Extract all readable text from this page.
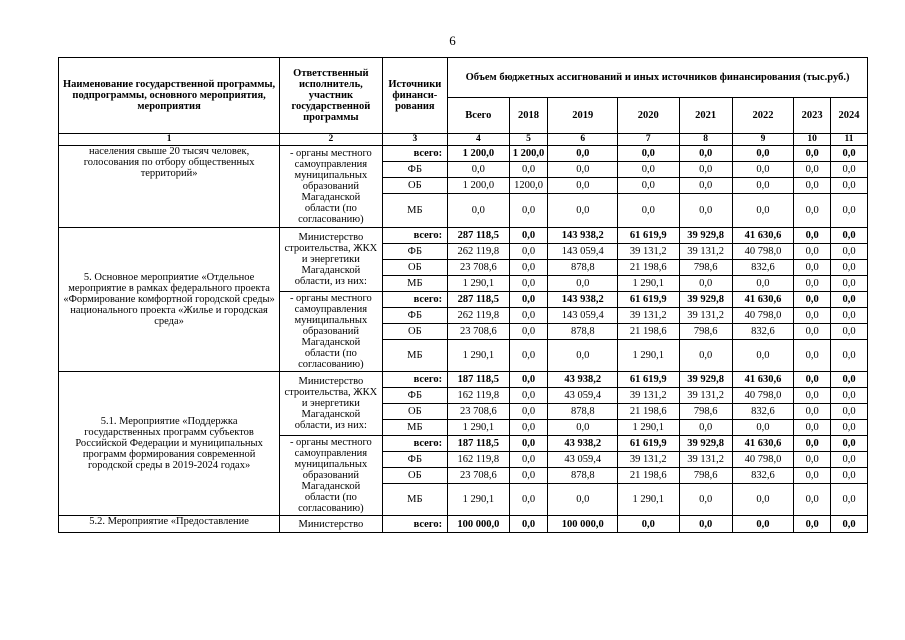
6
Наименование государственной программы, подпрограммы, основного мероприятия, мероприятия	Ответственный исполнитель, участник государственной программы	Источники финанси-рования	Объем бюджетных ассигнований и иных источников финансирования (тыс.руб.)							
			Всего	2018	2019	2020	2021	2022	2023	2024
1	2	3	4	5	6	7	8	9	10	11
населения свыше 20 тысяч человек, голосования по отбору общественных территорий»	- органы местного самоуправления муниципальных образований Магаданской области (по согласованию)	всего:	1 200,0	1 200,0	0,0	0,0	0,0	0,0	0,0	0,0
		ФБ	0,0	0,0	0,0	0,0	0,0	0,0	0,0	0,0
		ОБ	1 200,0	1200,0	0,0	0,0	0,0	0,0	0,0	0,0
		МБ	0,0	0,0	0,0	0,0	0,0	0,0	0,0	0,0
5. Основное мероприятие «Отдельное мероприятие в рамках федерального проекта «Формирование комфортной городской среды» национального проекта «Жилье и городская среда»	Министерство строительства, ЖКХ и энергетики Магаданской области, из них:	всего:	287 118,5	0,0	143 938,2	61 619,9	39 929,8	41 630,6	0,0	0,0
		ФБ	262 119,8	0,0	143 059,4	39 131,2	39 131,2	40 798,0	0,0	0,0
		ОБ	23 708,6	0,0	878,8	21 198,6	798,6	832,6	0,0	0,0
		МБ	1 290,1	0,0	0,0	1 290,1	0,0	0,0	0,0	0,0
	- органы местного самоуправления муниципальных образований Магаданской области (по согласованию)	всего:	287 118,5	0,0	143 938,2	61 619,9	39 929,8	41 630,6	0,0	0,0
		ФБ	262 119,8	0,0	143 059,4	39 131,2	39 131,2	40 798,0	0,0	0,0
		ОБ	23 708,6	0,0	878,8	21 198,6	798,6	832,6	0,0	0,0
		МБ	1 290,1	0,0	0,0	1 290,1	0,0	0,0	0,0	0,0
5.1. Мероприятие «Поддержка государственных программ субъектов Российской Федерации и муниципальных программ формирования современной городской среды в 2019-2024 годах»	Министерство строительства, ЖКХ и энергетики Магаданской области, из них:	всего:	187 118,5	0,0	43 938,2	61 619,9	39 929,8	41 630,6	0,0	0,0
		ФБ	162 119,8	0,0	43 059,4	39 131,2	39 131,2	40 798,0	0,0	0,0
		ОБ	23 708,6	0,0	878,8	21 198,6	798,6	832,6	0,0	0,0
		МБ	1 290,1	0,0	0,0	1 290,1	0,0	0,0	0,0	0,0
	- органы местного самоуправления муниципальных образований Магаданской области (по согласованию)	всего:	187 118,5	0,0	43 938,2	61 619,9	39 929,8	41 630,6	0,0	0,0
		ФБ	162 119,8	0,0	43 059,4	39 131,2	39 131,2	40 798,0	0,0	0,0
		ОБ	23 708,6	0,0	878,8	21 198,6	798,6	832,6	0,0	0,0
		МБ	1 290,1	0,0	0,0	1 290,1	0,0	0,0	0,0	0,0
5.2. Мероприятие «Предоставление	Министерство	всего:	100 000,0	0,0	100 000,0	0,0	0,0	0,0	0,0	0,0
